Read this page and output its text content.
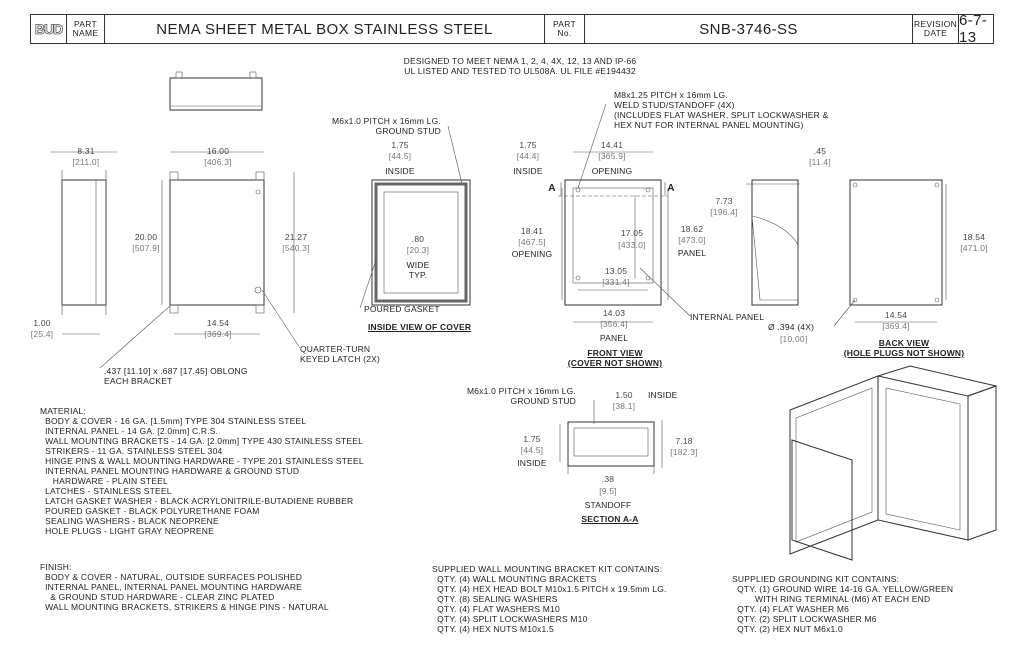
BUD	PART NAME	NEMA SHEET METAL BOX STAINLESS STEEL	PART No.	SNB-3746-SS	REVISION DATE
6-7-13
DESIGNED TO MEET NEMA 1, 2, 4, 4X, 12, 13 AND IP-66
UL LISTED AND TESTED TO UL508A. UL FILE #E194432
8.31
[211.0]
1.00
[25.4]
16.00
[406.3]
20.00
[507.9]
21.27
[540.3]
14.54
[369.4]
QUARTER-TURN
KEYED LATCH (2X)
.437 [11.10] x .687 [17.45] OBLONG
EACH BRACKET
M6x1.0 PITCH x 16mm LG.
GROUND STUD
1.75
[44.5]
INSIDE
.80
[20.3]
WIDE
TYP.
POURED GASKET
INSIDE VIEW OF COVER
M8x1.25 PITCH x 16mm LG.
WELD STUD/STANDOFF (4X)
(INCLUDES FLAT WASHER, SPLIT LOCKWASHER &
HEX NUT FOR INTERNAL PANEL MOUNTING)
1.75
[44.4]
INSIDE
14.41
[365.9]
OPENING
A	A
18.41
[467.5]
OPENING
17.05
[433.0]
18.62
[473.0]
PANEL
13.05
[331.4]
14.03
[356.4]
PANEL
INTERNAL PANEL
FRONT VIEW
(COVER NOT SHOWN)
7.73
[196.4]
.45
[11.4]
18.54
[471.0]
14.54
[369.4]
Ø .394 (4X)
[10.00]	BACK VIEW
(HOLE PLUGS NOT SHOWN)
M6x1.0 PITCH x 16mm LG.
GROUND STUD
1.50
[38.1]
INSIDE
1.75
[44.5]
INSIDE
7.18
[182.3]
.38
[9.5]
STANDOFF
SECTION A-A
MATERIAL:
BODY & COVER - 16 GA. [1.5mm] TYPE 304 STAINLESS STEEL
INTERNAL PANEL - 14 GA. [2.0mm] C.R.S.
WALL MOUNTING BRACKETS - 14 GA. [2.0mm] TYPE 430 STAINLESS STEEL
STRIKERS - 11 GA. STAINLESS STEEL 304
HINGE PINS & WALL MOUNTING HARDWARE - TYPE 201 STAINLESS STEEL
INTERNAL PANEL MOUNTING HARDWARE & GROUND STUD
HARDWARE - PLAIN STEEL
LATCHES - STAINLESS STEEL
LATCH GASKET WASHER - BLACK ACRYLONITRILE-BUTADIENE RUBBER
POURED GASKET - BLACK POLYURETHANE FOAM
SEALING WASHERS - BLACK NEOPRENE
HOLE PLUGS - LIGHT GRAY NEOPRENE
FINISH:
BODY & COVER - NATURAL, OUTSIDE SURFACES POLISHED
INTERNAL PANEL, INTERNAL PANEL MOUNTING HARDWARE
& GROUND STUD HARDWARE - CLEAR ZINC PLATED
WALL MOUNTING BRACKETS, STRIKERS & HINGE PINS - NATURAL
SUPPLIED WALL MOUNTING BRACKET KIT CONTAINS:
QTY. (4) WALL MOUNTING BRACKETS
QTY. (4) HEX HEAD BOLT M10x1.5 PITCH x 19.5mm LG.
QTY. (8) SEALING WASHERS
QTY. (4) FLAT WASHERS M10
QTY. (4) SPLIT LOCKWASHERS M10
QTY. (4) HEX NUTS M10x1.5
SUPPLIED GROUNDING KIT CONTAINS:
QTY. (1) GROUND WIRE 14-16 GA. YELLOW/GREEN
WITH RING TERMINAL (M6) AT EACH END
QTY. (4) FLAT WASHER M6
QTY. (2) SPLIT LOCKWASHER M6
QTY. (2) HEX NUT M6x1.0
